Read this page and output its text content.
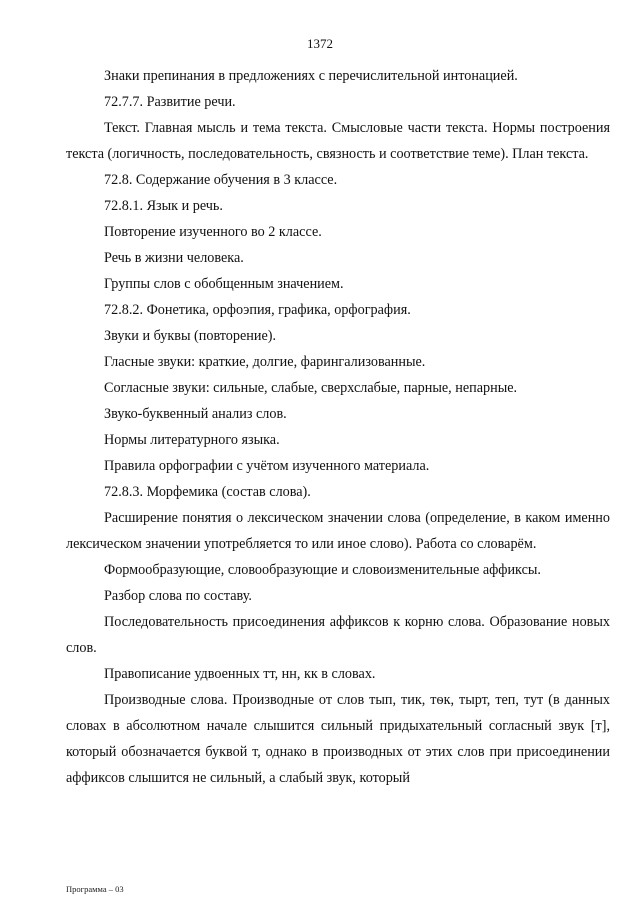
1372

Знаки препинания в предложениях с перечислительной интонацией.

72.7.7. Развитие речи.

Текст. Главная мысль и тема текста. Смысловые части текста. Нормы построения текста (логичность, последовательность, связность и соответствие теме). План текста.

72.8. Содержание обучения в 3 классе.

72.8.1. Язык и речь.

Повторение изученного во 2 классе.

Речь в жизни человека.

Группы слов с обобщенным значением.

72.8.2. Фонетика, орфоэпия, графика, орфография.

Звуки и буквы (повторение).

Гласные звуки: краткие, долгие, фарингализованные.

Согласные звуки: сильные, слабые, сверхслабые, парные, непарные.

Звуко-буквенный анализ слов.

Нормы литературного языка.

Правила орфографии с учётом изученного материала.

72.8.3. Морфемика (состав слова).

Расширение понятия о лексическом значении слова (определение, в каком именно лексическом значении употребляется то или иное слово). Работа со словарём.

Формообразующие, словообразующие и словоизменительные аффиксы.

Разбор слова по составу.

Последовательность присоединения аффиксов к корню слова. Образование новых слов.

Правописание удвоенных тт, нн, кк в словах.

Производные слова. Производные от слов тып, тик, тѳк, тырт, теп, тут (в данных словах в абсолютном начале слышится сильный придыхательный согласный звук [т], который обозначается буквой т, однако в производных от этих слов при присоединении аффиксов слышится не сильный, а слабый звук, который

Программа – 03
